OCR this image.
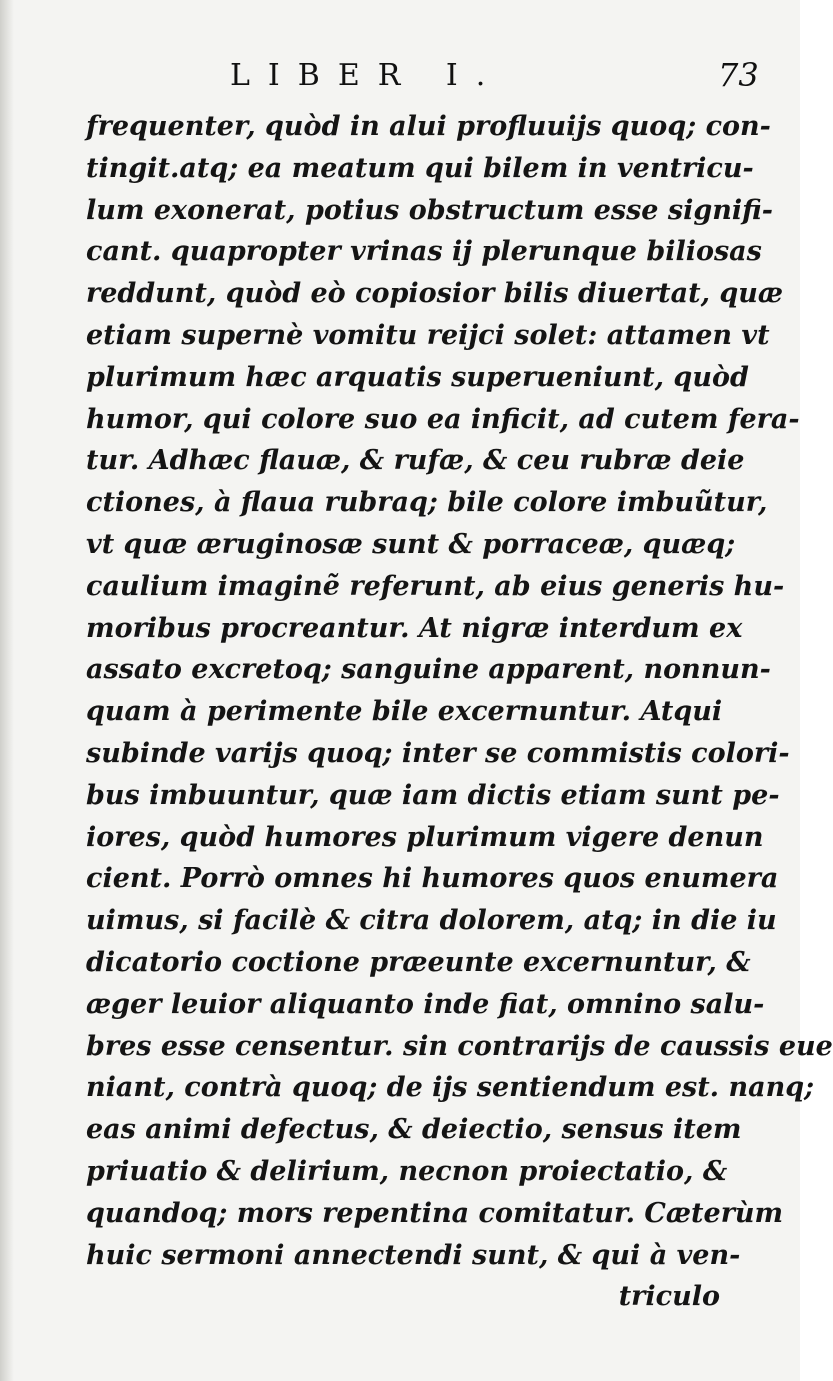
LIBER I.	73
frequenter, quòd in alui profluuijs quoq; con-
tingit.atq; ea meatum qui bilem in ventricu-
lum exonerat, potius obstructum esse signifi-
cant. quapropter vrinas ij plerunque biliosas
reddunt, quòd eò copiosior bilis diuertat, quæ
etiam supernè vomitu reijci solet: attamen vt
plurimum hæc arquatis superueniunt, quòd
humor, qui colore suo ea inficit, ad cutem fera-
tur. Adhæc flauæ, & rufæ, & ceu rubræ deie
ctiones, à flaua rubraq; bile colore imbuũtur,
vt quæ æruginosæ sunt & porraceæ, quæq;
caulium imaginẽ referunt, ab eius generis hu-
moribus procreantur. At nigræ interdum ex
assato excretoq; sanguine apparent, nonnun-
quam à perimente bile excernuntur. Atqui
subinde varijs quoq; inter se commistis colori-
bus imbuuntur, quæ iam dictis etiam sunt pe-
iores, quòd humores plurimum vigere denun
cient. Porrò omnes hi humores quos enumera
uimus, si facilè & citra dolorem, atq; in die iu
dicatorio coctione præeunte excernuntur, &
æger leuior aliquanto inde fiat, omnino salu-
bres esse censentur. sin contrarijs de caussis eue
niant, contrà quoq; de ijs sentiendum est. nanq;
eas animi defectus, & deiectio, sensus item
priuatio & delirium, necnon proiectatio, &
quandoq; mors repentina comitatur. Cæterùm
huic sermoni annectendi sunt, & qui à ven-
triculo
